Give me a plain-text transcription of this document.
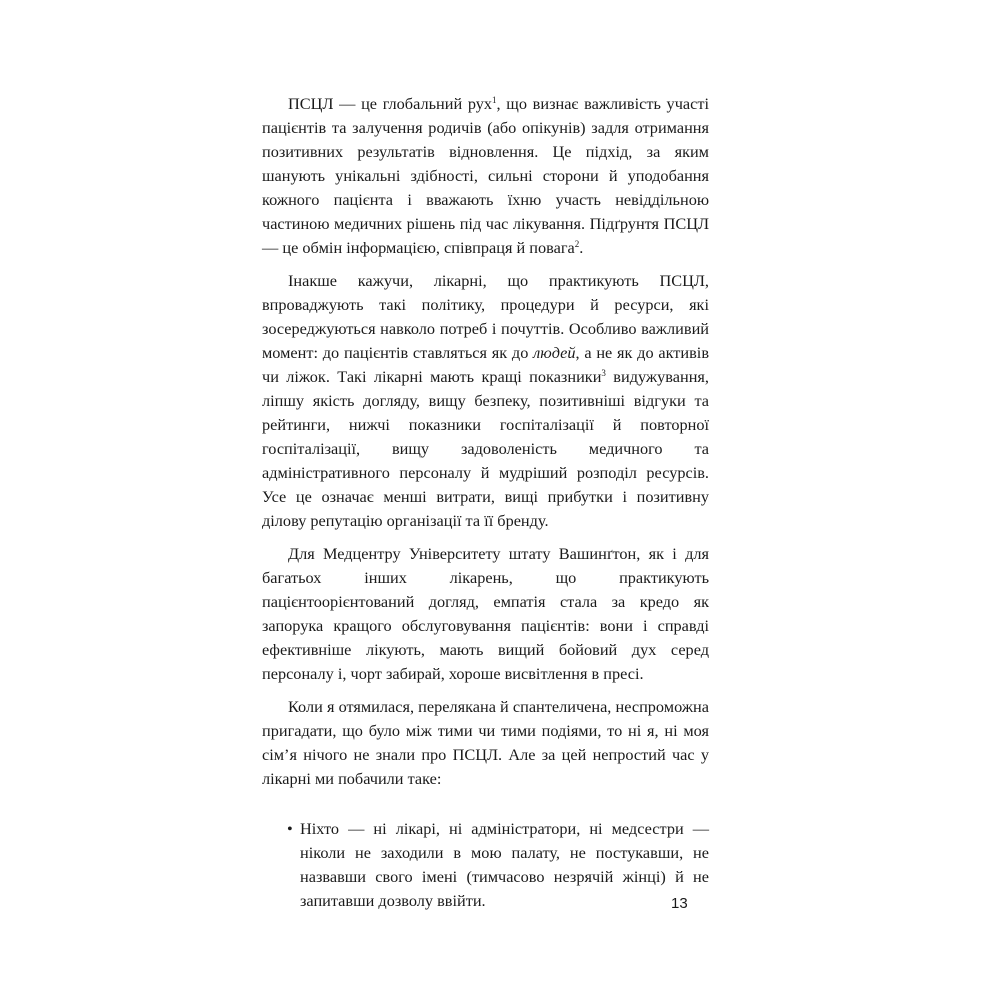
ПСЦЛ — це глобальний рух$^1$, що визнає важливість участі пацієнтів та залучення родичів (або опікунів) задля отримання позитивних результатів відновлення. Це підхід, за яким шанують унікальні здібності, сильні сторони й уподобання кожного пацієнта і вважають їхню участь невіддільною частиною медичних рішень під час лікування. Підґрунтя ПСЦЛ — це обмін інформацією, співпраця й повага$^2$.

Інакше кажучи, лікарні, що практикують ПСЦЛ, впроваджують такі політику, процедури й ресурси, які зосереджуються навколо потреб і почуттів. Особливо важливий момент: до пацієнтів ставляться як до людей, а не як до активів чи ліжок. Такі лікарні мають кращі показники$^3$ видужування, ліпшу якість догляду, вищу безпеку, позитивніші відгуки та рейтинги, нижчі показники госпіталізації й повторної госпіталізації, вищу задоволеність медичного та адміністративного персоналу й мудріший розподіл ресурсів. Усе це означає менші витрати, вищі прибутки і позитивну ділову репутацію організації та її бренду.

Для Медцентру Університету штату Вашинґтон, як і для багатьох інших лікарень, що практикують пацієнтоорієнтований догляд, емпатія стала за кредо як запорука кращого обслуговування пацієнтів: вони і справді ефективніше лікують, мають вищий бойовий дух серед персоналу і, чорт забирай, хороше висвітлення в пресі.

Коли я отямилася, перелякана й спантеличена, неспроможна пригадати, що було між тими чи тими подіями, то ні я, ні моя сім’я нічого не знали про ПСЦЛ. Але за цей непростий час у лікарні ми побачили таке:

• Ніхто — ні лікарі, ні адміністратори, ні медсестри — ніколи не заходили в мою палату, не постукавши, не назвавши свого імені (тимчасово незрячій жінці) й не запитавши дозволу ввійти.	13
